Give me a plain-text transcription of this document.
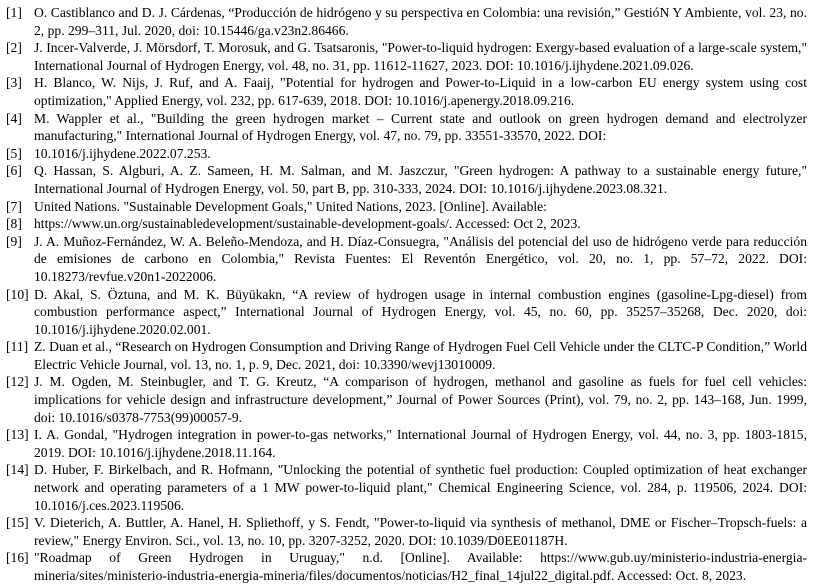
[1] O. Castiblanco and D. J. Cárdenas, “Producción de hidrógeno y su perspectiva en Colombia: una revisión,” GestióN Y Ambiente, vol. 23, no. 2, pp. 299–311, Jul. 2020, doi: 10.15446/ga.v23n2.86466.
[2] J. Incer-Valverde, J. Mörsdorf, T. Morosuk, and G. Tsatsaronis, "Power-to-liquid hydrogen: Exergy-based evaluation of a large-scale system," International Journal of Hydrogen Energy, vol. 48, no. 31, pp. 11612-11627, 2023. DOI: 10.1016/j.ijhydene.2021.09.026.
[3] H. Blanco, W. Nijs, J. Ruf, and A. Faaij, "Potential for hydrogen and Power-to-Liquid in a low-carbon EU energy system using cost optimization," Applied Energy, vol. 232, pp. 617-639, 2018. DOI: 10.1016/j.apenergy.2018.09.216.
[4] M. Wappler et al., "Building the green hydrogen market – Current state and outlook on green hydrogen demand and electrolyzer manufacturing," International Journal of Hydrogen Energy, vol. 47, no. 79, pp. 33551-33570, 2022. DOI:
[5] 10.1016/j.ijhydene.2022.07.253.
[6] Q. Hassan, S. Algburi, A. Z. Sameen, H. M. Salman, and M. Jaszczur, "Green hydrogen: A pathway to a sustainable energy future," International Journal of Hydrogen Energy, vol. 50, part B, pp. 310-333, 2024. DOI: 10.1016/j.ijhydene.2023.08.321.
[7] United Nations. "Sustainable Development Goals," United Nations, 2023. [Online]. Available:
[8] https://www.un.org/sustainabledevelopment/sustainable-development-goals/. Accessed: Oct 2, 2023.
[9] J. A. Muñoz-Fernández, W. A. Beleño-Mendoza, and H. Díaz-Consuegra, "Análisis del potencial del uso de hidrógeno verde para reducción de emisiones de carbono en Colombia," Revista Fuentes: El Reventón Energético, vol. 20, no. 1, pp. 57–72, 2022. DOI: 10.18273/revfue.v20n1-2022006.
[10] D. Akal, S. Öztuna, and M. K. Büyükakn, “A review of hydrogen usage in internal combustion engines (gasoline-Lpg-diesel) from combustion performance aspect,” International Journal of Hydrogen Energy, vol. 45, no. 60, pp. 35257–35268, Dec. 2020, doi: 10.1016/j.ijhydene.2020.02.001.
[11] Z. Duan et al., “Research on Hydrogen Consumption and Driving Range of Hydrogen Fuel Cell Vehicle under the CLTC-P Condition,” World Electric Vehicle Journal, vol. 13, no. 1, p. 9, Dec. 2021, doi: 10.3390/wevj13010009.
[12] J. M. Ogden, M. Steinbugler, and T. G. Kreutz, “A comparison of hydrogen, methanol and gasoline as fuels for fuel cell vehicles: implications for vehicle design and infrastructure development,” Journal of Power Sources (Print), vol. 79, no. 2, pp. 143–168, Jun. 1999, doi: 10.1016/s0378-7753(99)00057-9.
[13] I. A. Gondal, "Hydrogen integration in power-to-gas networks," International Journal of Hydrogen Energy, vol. 44, no. 3, pp. 1803-1815, 2019. DOI: 10.1016/j.ijhydene.2018.11.164.
[14] D. Huber, F. Birkelbach, and R. Hofmann, "Unlocking the potential of synthetic fuel production: Coupled optimization of heat exchanger network and operating parameters of a 1 MW power-to-liquid plant," Chemical Engineering Science, vol. 284, p. 119506, 2024. DOI: 10.1016/j.ces.2023.119506.
[15] V. Dieterich, A. Buttler, A. Hanel, H. Spliethoff, y S. Fendt, "Power-to-liquid via synthesis of methanol, DME or Fischer–Tropsch-fuels: a review," Energy Environ. Sci., vol. 13, no. 10, pp. 3207-3252, 2020. DOI: 10.1039/D0EE01187H.
[16] "Roadmap of Green Hydrogen in Uruguay," n.d. [Online]. Available: https://www.gub.uy/ministerio-industria-energia-mineria/sites/ministerio-industria-energia-mineria/files/documentos/noticias/H2_final_14jul22_digital.pdf. Accessed: Oct. 8, 2023.
